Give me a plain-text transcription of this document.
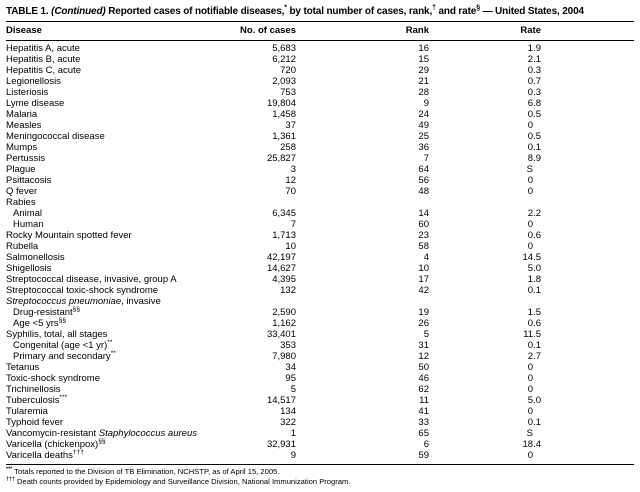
TABLE 1. (Continued) Reported cases of notifiable diseases,* by total number of cases, rank,† and rate§ — United States, 2004
Disease	No. of cases	Rank	Rate
Hepatitis A, acute	5,683	16	1.9
Hepatitis B, acute	6,212	15	2.1
Hepatitis C, acute	720	29	0.3
Legionellosis	2,093	21	0.7
Listeriosis	753	28	0.3
Lyme disease	19,804	9	6.8
Malaria	1,458	24	0.5
Measles	37	49	0
Meningococcal disease	1,361	25	0.5
Mumps	258	36	0.1
Pertussis	25,827	7	8.9
Plague	3	64	S
Psittacosis	12	56	0
Q fever	70	48	0
Rabies
Animal	6,345	14	2.2
Human	7	60	0
Rocky Mountain spotted fever	1,713	23	0.6
Rubella	10	58	0
Salmonellosis	42,197	4	14.5
Shigellosis	14,627	10	5.0
Streptococcal disease, invasive, group A	4,395	17	1.8
Streptococcal toxic-shock syndrome	132	42	0.1
Streptococcus pneumoniae, invasive
Drug-resistant§§	2,590	19	1.5
Age <5 yrs§§	1,162	26	0.6
Syphilis, total, all stages	33,401	5	11.5
Congenital (age <1 yr)**	353	31	0.1
Primary and secondary**	7,980	12	2.7
Tetanus	34	50	0
Toxic-shock syndrome	95	46	0
Trichinellosis	5	62	0
Tuberculosis***	14,517	11	5.0
Tularemia	134	41	0
Typhoid fever	322	33	0.1
Vancomycin-resistant Staphylococcus aureus	1	65	S
Varicella (chickenpox)§§	32,931	6	18.4
Varicella deaths†††	9	59	0
*** Totals reported to the Division of TB Elimination, NCHSTP, as of April 15, 2005.
††† Death counts provided by Epidemiology and Surveillance Division, National Immunization Program.
